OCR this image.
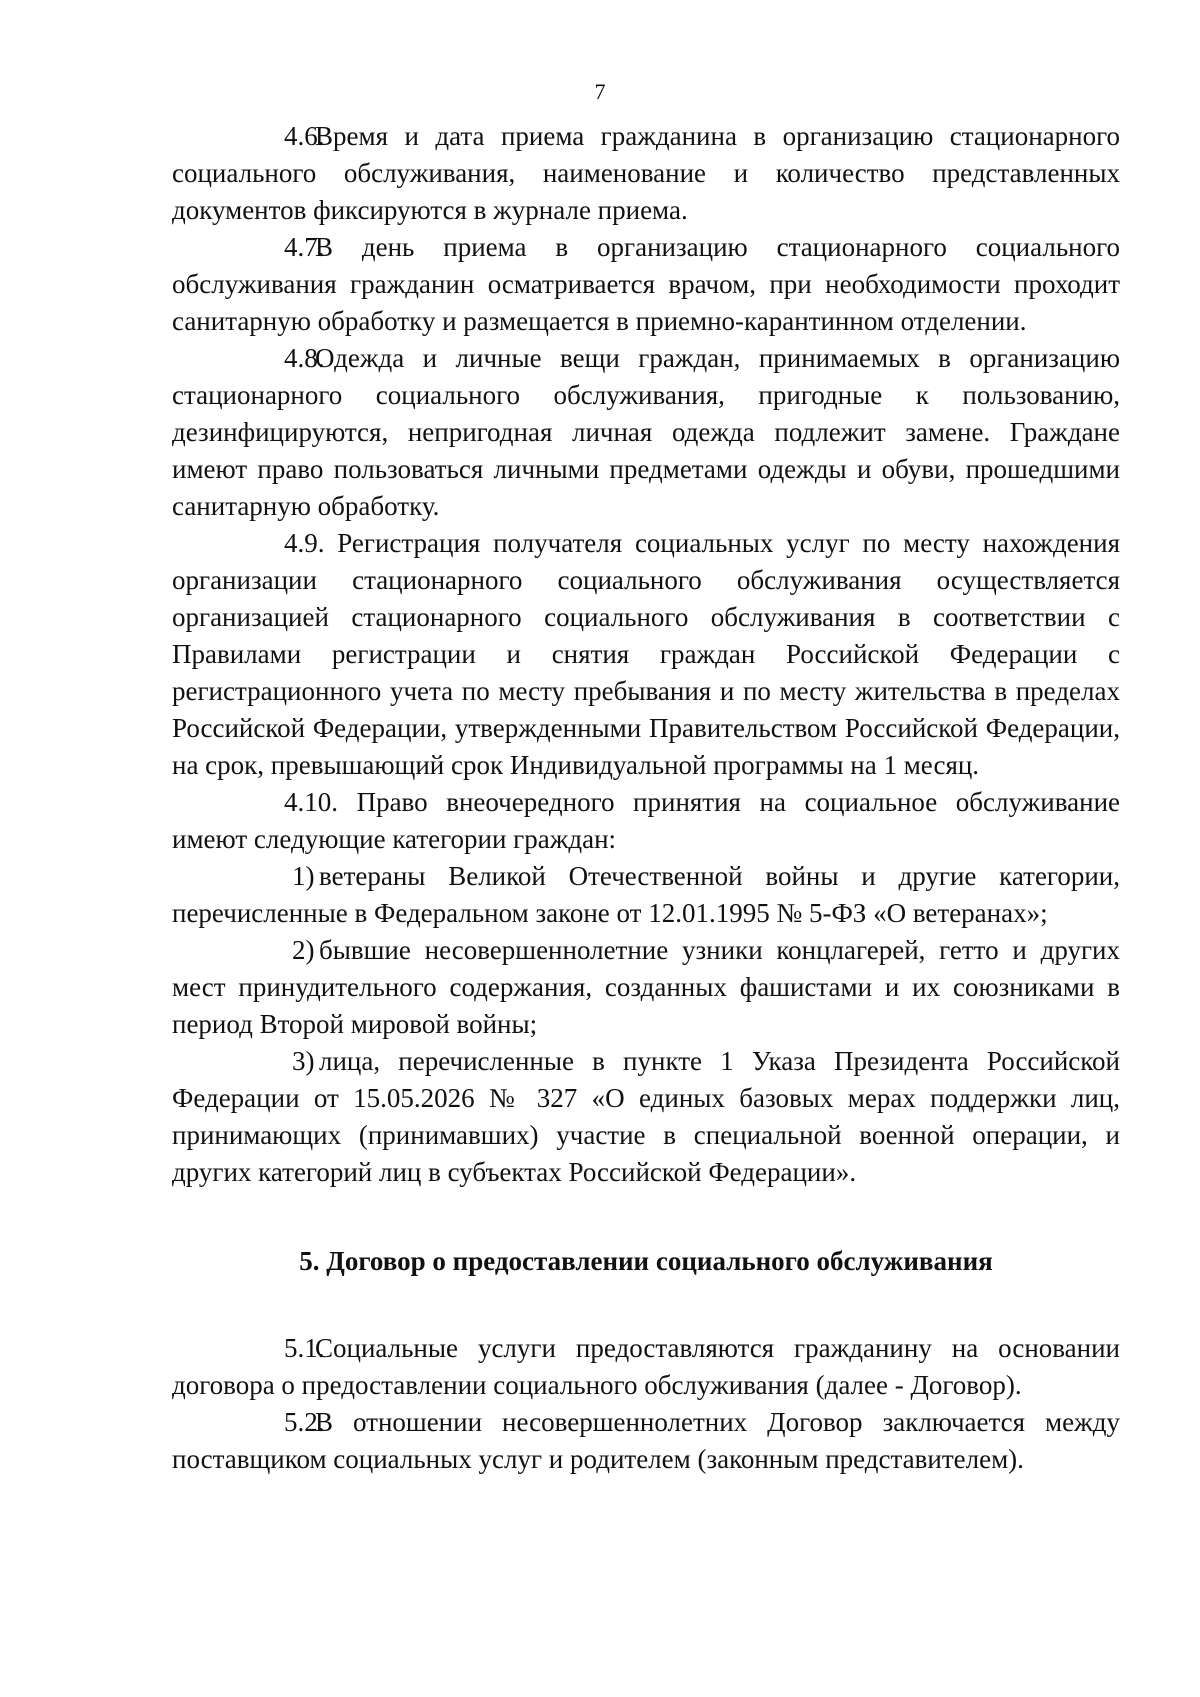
7

4.6.Время и дата приема гражданина в организацию стационарного социального обслуживания, наименование и количество представленных документов фиксируются в журнале приема.

4.7.В день приема в организацию стационарного социального обслуживания гражданин осматривается врачом, при необходимости проходит санитарную обработку и размещается в приемно-карантинном отделении.

4.8.Одежда и личные вещи граждан, принимаемых в организацию стационарного социального обслуживания, пригодные к пользованию, дезинфицируются, непригодная личная одежда подлежит замене. Граждане имеют право пользоваться личными предметами одежды и обуви, прошедшими санитарную обработку.

4.9. Регистрация получателя социальных услуг по месту нахождения организации стационарного социального обслуживания осуществляется организацией стационарного социального обслуживания в соответствии с Правилами регистрации и снятия граждан Российской Федерации с регистрационного учета по месту пребывания и по месту жительства в пределах Российской Федерации, утвержденными Правительством Российской Федерации, на срок, превышающий срок Индивидуальной программы на 1 месяц.

4.10. Право внеочередного принятия на социальное обслуживание имеют следующие категории граждан:

1) ветераны Великой Отечественной войны и другие категории, перечисленные в Федеральном законе от 12.01.1995 № 5-ФЗ «О ветеранах»;

2) бывшие несовершеннолетние узники концлагерей, гетто и других мест принудительного содержания, созданных фашистами и их союзниками в период Второй мировой войны;

3) лица, перечисленные в пункте 1 Указа Президента Российской Федерации от 15.05.2026 № 327 «О единых базовых мерах поддержки лиц, принимающих (принимавших) участие в специальной военной операции, и других категорий лиц в субъектах Российской Федерации».

5. Договор о предоставлении социального обслуживания

5.1.Социальные услуги предоставляются гражданину на основании договора о предоставлении социального обслуживания (далее - Договор).

5.2.В отношении несовершеннолетних Договор заключается между поставщиком социальных услуг и родителем (законным представителем).
